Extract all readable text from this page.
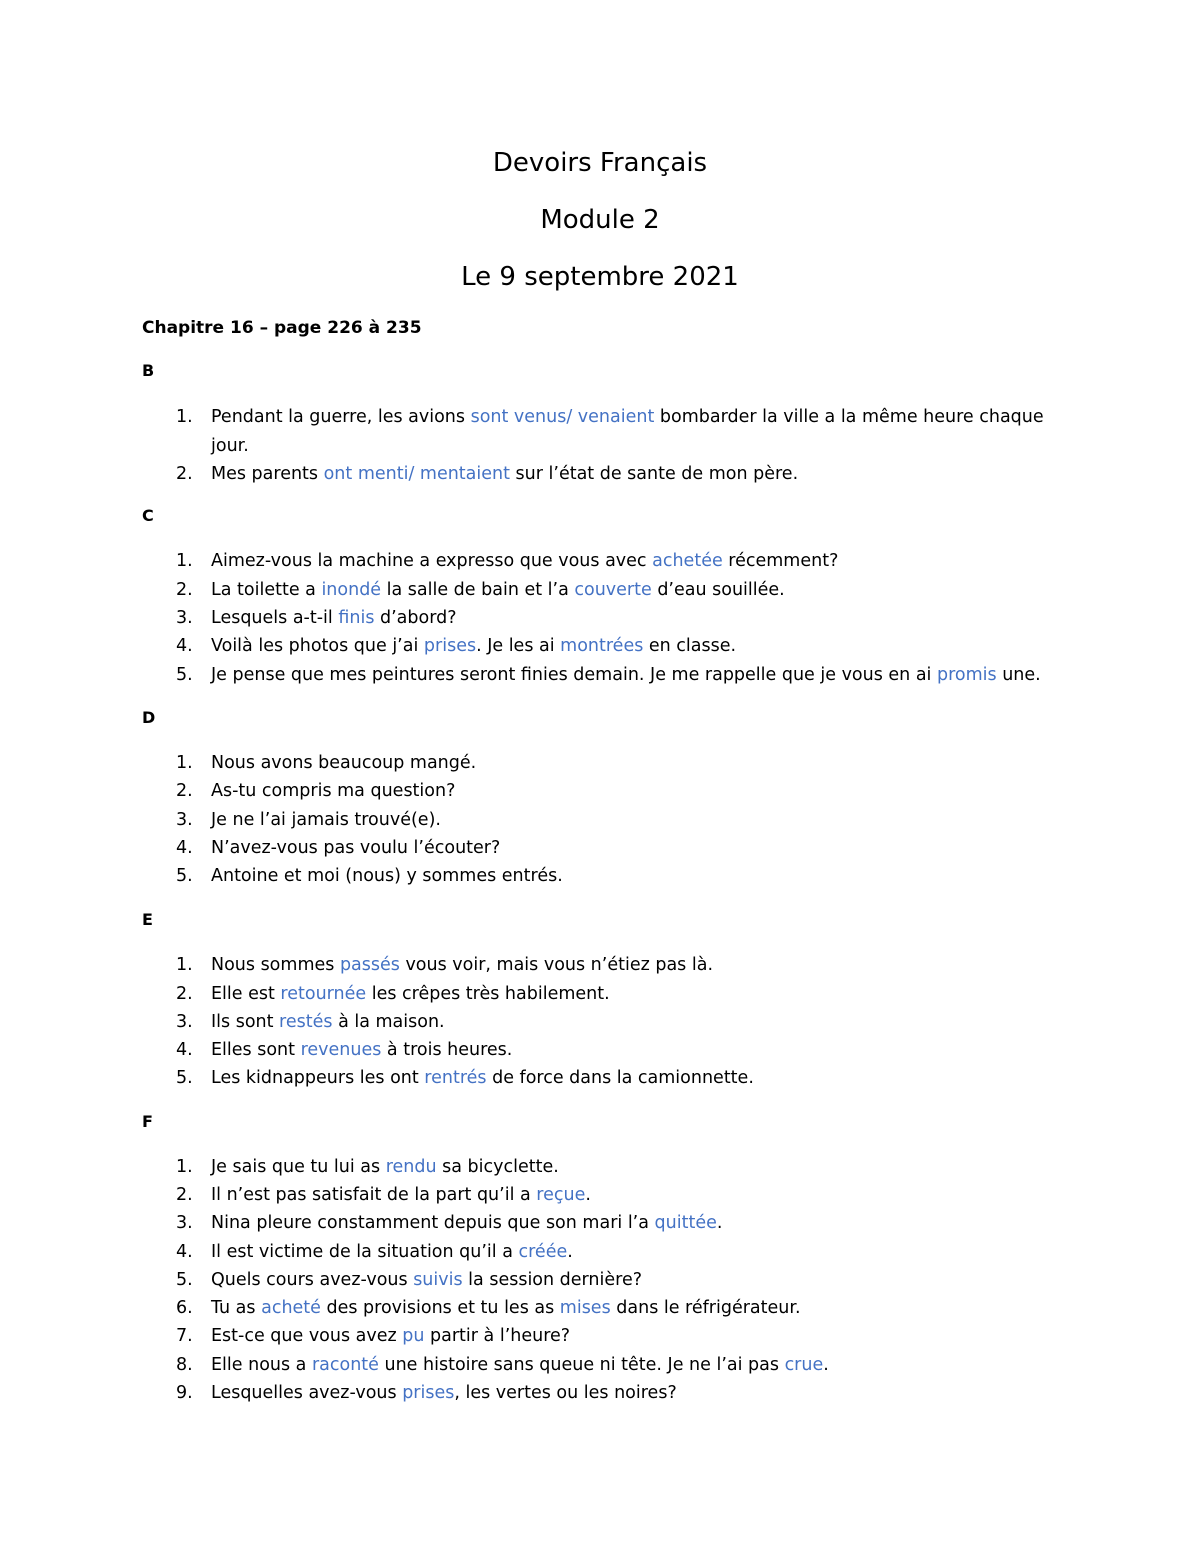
Devoirs Français
Module 2
Le 9 septembre 2021
Chapitre 16 – page 226 à 235
B
1.	Pendant la guerre, les avions sont venus/ venaient bombarder la ville a la même heure chaque jour.
2.	Mes parents ont menti/ mentaient sur l’état de sante de mon père.
C
1.	Aimez-vous la machine a expresso que vous avec achetée récemment?
2.	La toilette a inondé la salle de bain et l’a couverte d’eau souillée.
3.	Lesquels a-t-il finis d’abord?
4.	Voilà les photos que j’ai prises. Je les ai montrées en classe.
5.	Je pense que mes peintures seront finies demain. Je me rappelle que je vous en ai promis une.
D
1.	Nous avons beaucoup mangé.
2.	As-tu compris ma question?
3.	Je ne l’ai jamais trouvé(e).
4.	N’avez-vous pas voulu l’écouter?
5.	Antoine et moi (nous) y sommes entrés.
E
1.	Nous sommes passés vous voir, mais vous n’étiez pas là.
2.	Elle est retournée les crêpes très habilement.
3.	Ils sont restés à la maison.
4.	Elles sont revenues à trois heures.
5.	Les kidnappeurs les ont rentrés de force dans la camionnette.
F
1.	Je sais que tu lui as rendu sa bicyclette.
2.	Il n’est pas satisfait de la part qu’il a reçue.
3.	Nina pleure constamment depuis que son mari l’a quittée.
4.	Il est victime de la situation qu’il a créée.
5.	Quels cours avez-vous suivis la session dernière?
6.	Tu as acheté des provisions et tu les as mises dans le réfrigérateur.
7.	Est-ce que vous avez pu partir à l’heure?
8.	Elle nous a raconté une histoire sans queue ni tête. Je ne l’ai pas crue.
9.	Lesquelles avez-vous prises, les vertes ou les noires?
